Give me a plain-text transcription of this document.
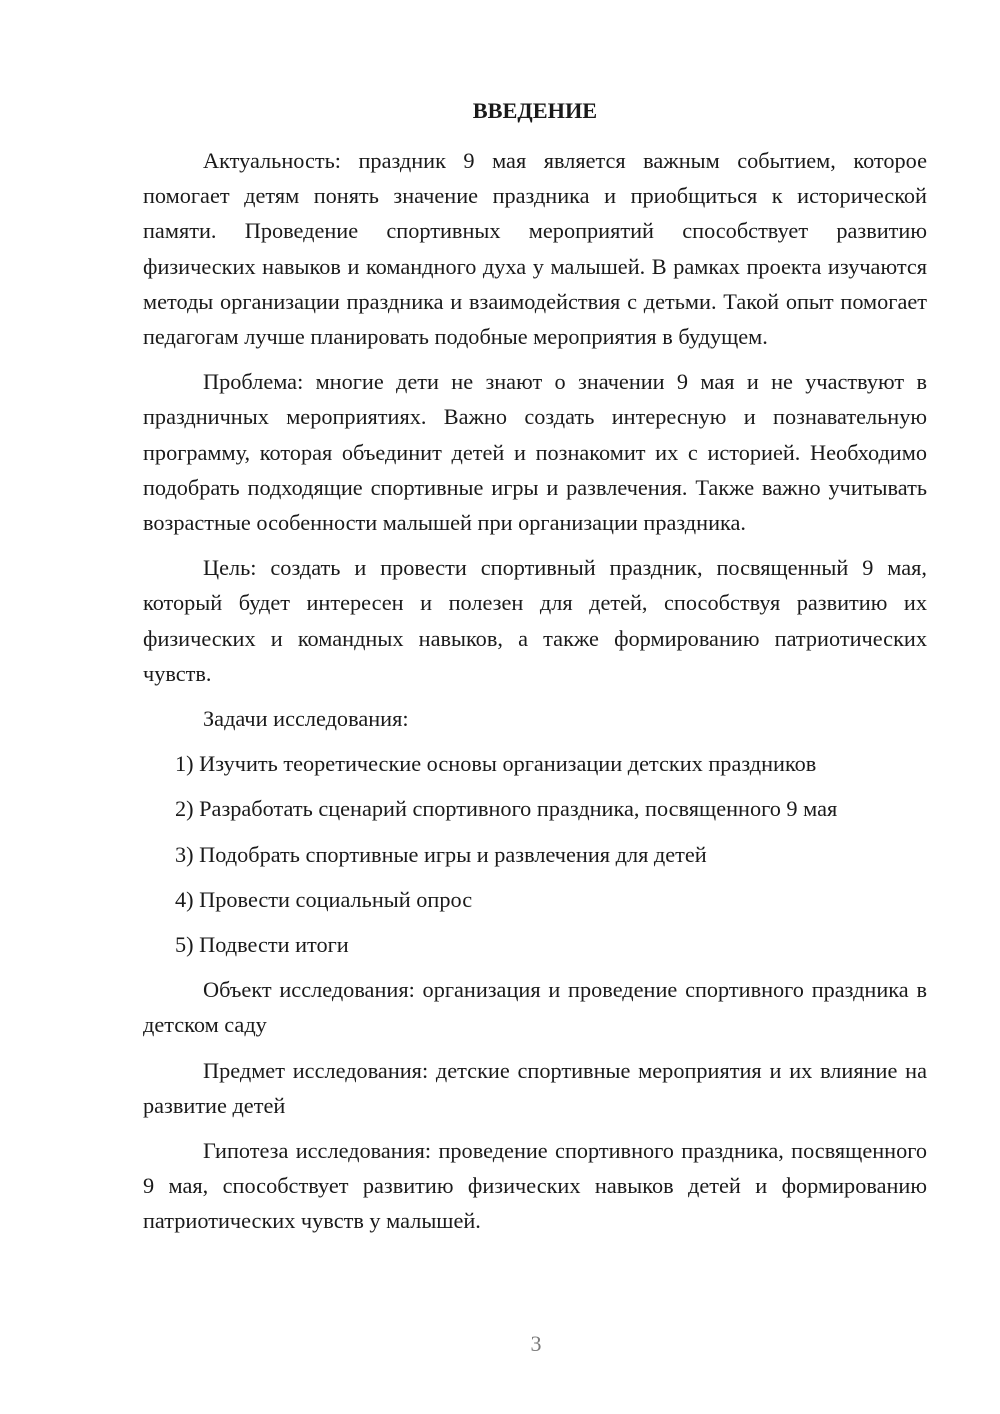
ВВЕДЕНИЕ

Актуальность: праздник 9 мая является важным событием, которое помогает детям понять значение праздника и приобщиться к исторической памяти. Проведение спортивных мероприятий способствует развитию физических навыков и командного духа у малышей. В рамках проекта изучаются методы организации праздника и взаимодействия с детьми. Такой опыт помогает педагогам лучше планировать подобные мероприятия в будущем.

Проблема: многие дети не знают о значении 9 мая и не участвуют в праздничных мероприятиях. Важно создать интересную и познавательную программу, которая объединит детей и познакомит их с историей. Необходимо подобрать подходящие спортивные игры и развлечения. Также важно учитывать возрастные особенности малышей при организации праздника.

Цель: создать и провести спортивный праздник, посвященный 9 мая, который будет интересен и полезен для детей, способствуя развитию их физических и командных навыков, а также формированию патриотических чувств.

Задачи исследования:
1) Изучить теоретические основы организации детских праздников
2) Разработать сценарий спортивного праздника, посвященного 9 мая
3) Подобрать спортивные игры и развлечения для детей
4) Провести социальный опрос
5) Подвести итоги

Объект исследования: организация и проведение спортивного праздника в детском саду

Предмет исследования: детские спортивные мероприятия и их влияние на развитие детей

Гипотеза исследования: проведение спортивного праздника, посвященного 9 мая, способствует развитию физических навыков детей и формированию патриотических чувств у малышей.

3
